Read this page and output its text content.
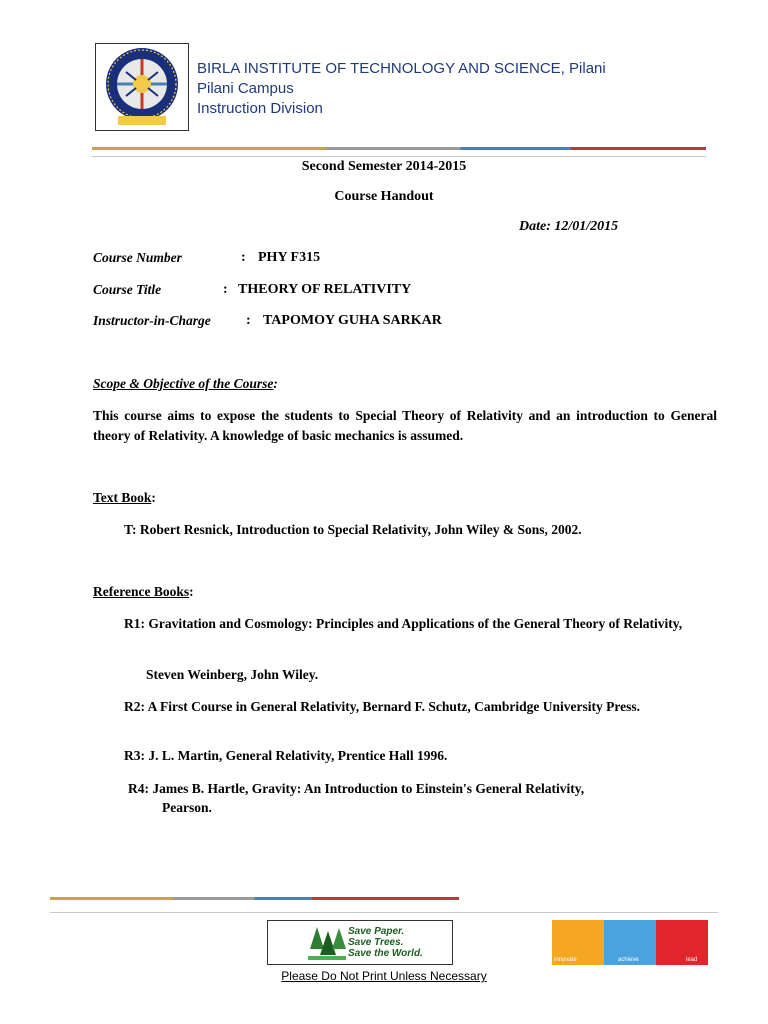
BIRLA INSTITUTE OF TECHNOLOGY AND SCIENCE, Pilani
Pilani Campus
Instruction Division
Second Semester 2014-2015
Course Handout
Date: 12/01/2015
Course Number	: PHY F315
Course Title	: THEORY OF RELATIVITY
Instructor-in-Charge	: TAPOMOY GUHA SARKAR
Scope & Objective of the Course:
This course aims to expose the students to Special Theory of Relativity and an introduction to General theory of Relativity. A knowledge of basic mechanics is assumed.
Text Book:
T: Robert Resnick, Introduction to Special Relativity, John Wiley & Sons, 2002.
Reference Books:
R1: Gravitation and Cosmology: Principles and Applications of the General Theory of Relativity,
Steven Weinberg, John Wiley.
R2: A First Course in General Relativity, Bernard F. Schutz, Cambridge University Press.
R3: J. L. Martin, General Relativity, Prentice Hall 1996.
R4: James B. Hartle, Gravity: An Introduction to Einstein's General Relativity,
Pearson.
Save Paper.
Save Trees.
Save the World.
innovate	achieve	lead
Please Do Not Print Unless Necessary
